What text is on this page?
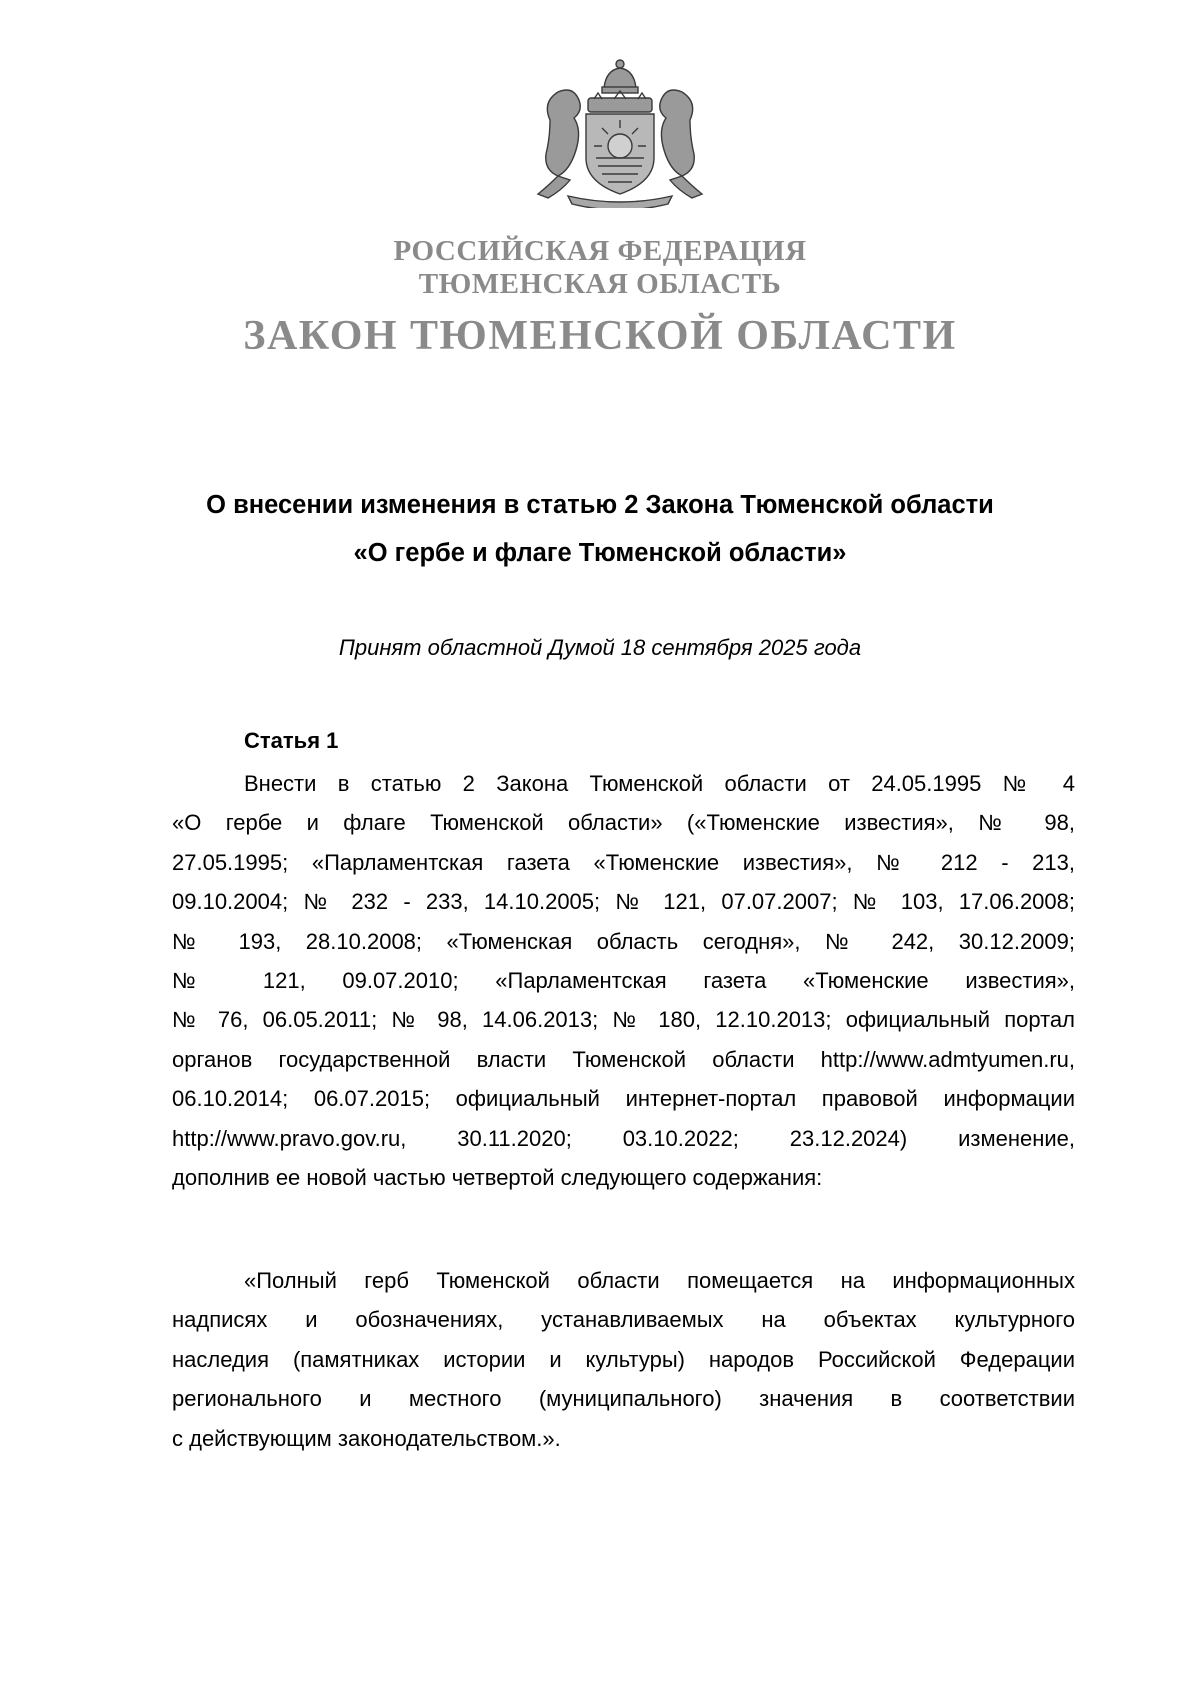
РОССИЙСКАЯ ФЕДЕРАЦИЯ
ТЮМЕНСКАЯ ОБЛАСТЬ
ЗАКОН ТЮМЕНСКОЙ ОБЛАСТИ
О внесении изменения в статью 2 Закона Тюменской области
«О гербе и флаге Тюменской области»
Принят областной Думой 18 сентября 2025 года
Статья 1
Внести в статью 2 Закона Тюменской области от 24.05.1995 № 4
«О гербе и флаге Тюменской области» («Тюменские известия», № 98,
27.05.1995; «Парламентская газета «Тюменские известия», № 212 - 213,
09.10.2004; № 232 - 233, 14.10.2005; № 121, 07.07.2007; № 103, 17.06.2008;
№ 193, 28.10.2008; «Тюменская область сегодня», № 242, 30.12.2009;
№ 121, 09.07.2010; «Парламентская газета «Тюменские известия»,
№ 76, 06.05.2011; № 98, 14.06.2013; № 180, 12.10.2013; официальный портал
органов государственной власти Тюменской области http://www.admtyumen.ru,
06.10.2014; 06.07.2015; официальный интернет-портал правовой информации
http://www.pravo.gov.ru, 30.11.2020; 03.10.2022; 23.12.2024) изменение,
дополнив ее новой частью четвертой следующего содержания:
«Полный герб Тюменской области помещается на информационных
надписях и обозначениях, устанавливаемых на объектах культурного
наследия (памятниках истории и культуры) народов Российской Федерации
регионального и местного (муниципального) значения в соответствии
с действующим законодательством.».
